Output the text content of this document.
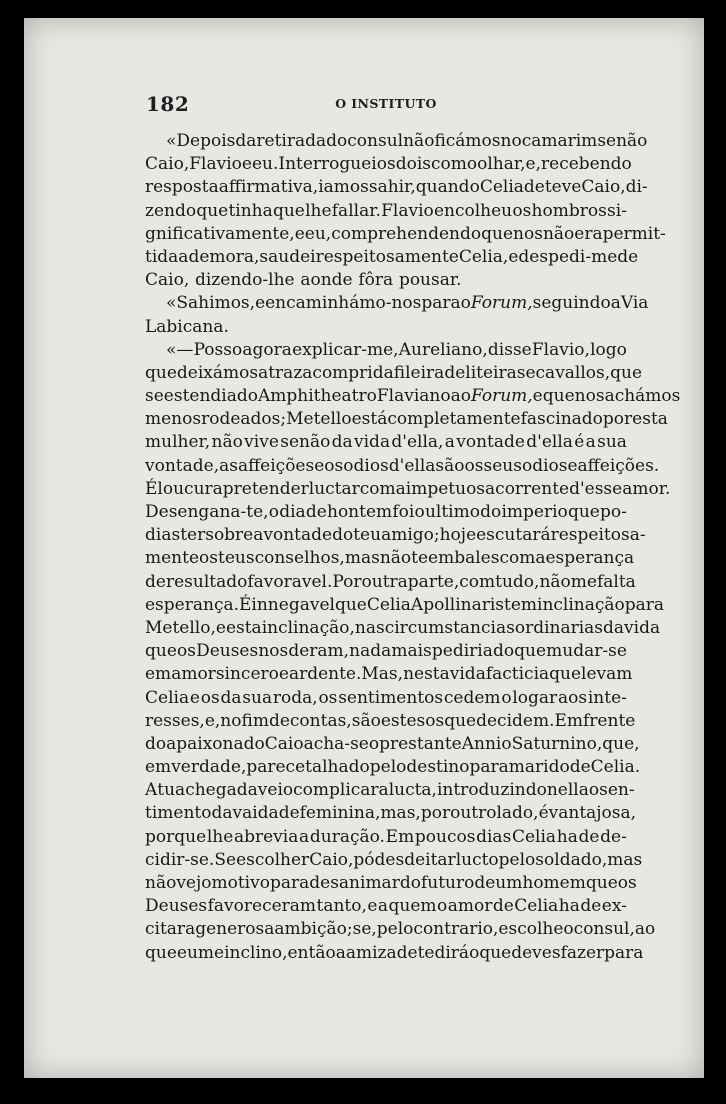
182	O INSTITUTO
«Depois da retirada do consul não ficámos no camarim senão
Caio, Flavio e eu. Interroguei os dois com o olhar, e, recebendo
resposta affirmativa, iamos sahir, quando Celia deteve Caio, di-
zendo que tinha que lhe fallar. Flavio encolheu os hombros si-
gnificativamente, e eu, comprehendendo que nos não era permit-
tida a demora, saudei respeitosamente Celia, e despedi-me de
Caio, dizendo-lhe aonde fôra pousar.
«Sahimos, e encaminhámo-nos para o Forum, seguindo a Via
Labicana.
«— Posso agora explicar-me, Aureliano, disse Flavio, logo
que deixámos atraz a comprida fileira de liteiras e cavallos, que
se estendia do Amphitheatro Flaviano ao Forum, e que nos achámos
menos rodeados; Metello está completamente fascinado por esta
mulher, não vive senão da vida d'ella, a vontade d'ella é a sua
vontade, as affeições e os odios d'ella são os seus odios e affeições.
É loucura pretender luctar com a impetuosa corrente d'esse amor.
Desengana-te, o dia de hontem foi o ultimo do imperio que po-
dias ter sobre a vontade do teu amigo; hoje escutará respeitosa-
mente os teus conselhos, mas não te embales com a esperança
de resultado favoravel. Por outra parte, comtudo, não me falta
esperança. É innegavel que Celia Apollinaris tem inclinação para
Metello, e esta inclinação, nas circumstancias ordinarias da vida
que os Deuses nos deram, nada mais pediria do que mudar-se
em amor sincero e ardente. Mas, nesta vida facticia que levam
Celia e os da sua roda, os sentimentos cedem o logar aos inte-
resses, e, no fim de contas, são estes os que decidem. Em frente
do apaixonado Caio acha-se o prestante Annio Saturnino, que,
em verdade, parece talhado pelo destino para marido de Celia.
A tua chegada veio complicar a lucta, introduzindo nella o sen-
timento da vaidade feminina, mas, por outro lado, é vantajosa,
porque lhe abrevia a duração. Em poucos dias Celia ha de de-
cidir-se. Se escolher Caio, pódes deitar lucto pelo soldado, mas
não vejo motivo para desanimar do futuro de um homem que os
Deuses favoreceram tanto, e a quem o amor de Celia ha de ex-
citar a generosa ambição; se, pelo contrario, escolhe o consul, ao
que eu me inclino, então a amizade te dirá o que deves fazer para
